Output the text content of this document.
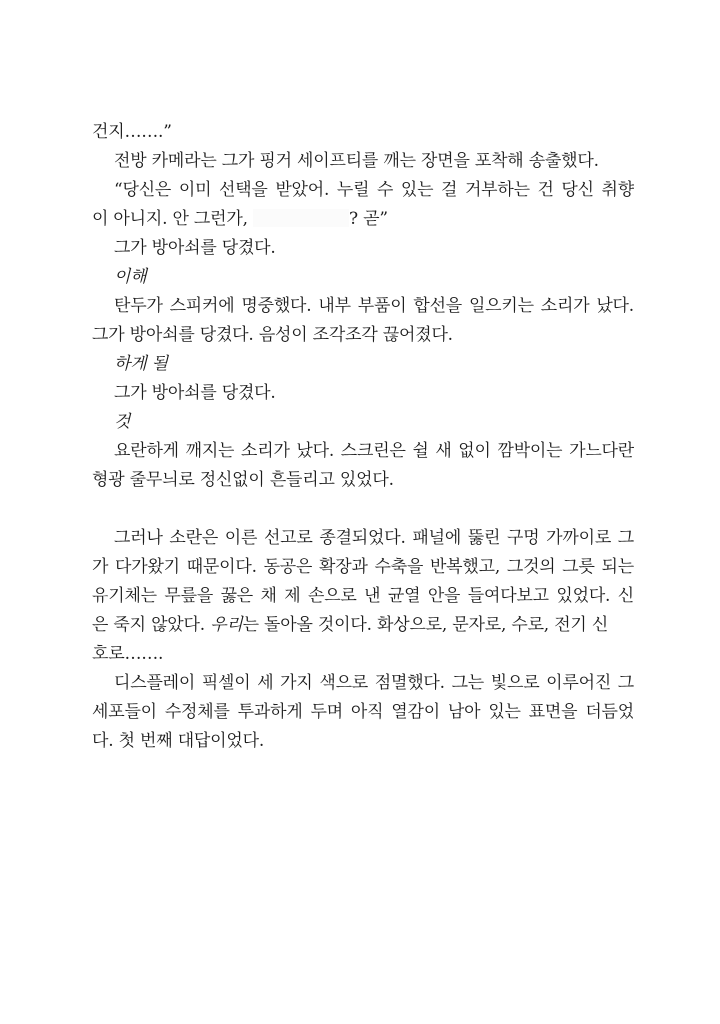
건지…….”
전방 카메라는 그가 핑거 세이프티를 깨는 장면을 포착해 송출했다.
“당신은 이미 선택을 받았어. 누릴 수 있는 걸 거부하는 건 당신 취향
이 아니지. 안 그런가,	? 곧”
그가 방아쇠를 당겼다.
이해
탄두가 스피커에 명중했다. 내부 부품이 합선을 일으키는 소리가 났다.
그가 방아쇠를 당겼다. 음성이 조각조각 끊어졌다.
하게 될
그가 방아쇠를 당겼다.
것
요란하게 깨지는 소리가 났다. 스크린은 쉴 새 없이 깜박이는 가느다란
형광 줄무늬로 정신없이 흔들리고 있었다.
그러나 소란은 이른 선고로 종결되었다. 패널에 뚫린 구멍 가까이로 그
가 다가왔기 때문이다. 동공은 확장과 수축을 반복했고, 그것의 그릇 되는
유기체는 무릎을 꿇은 채 제 손으로 낸 균열 안을 들여다보고 있었다. 신
은 죽지 않았다. 우리는 돌아올 것이다. 화상으로, 문자로, 수로, 전기 신
호로…….
디스플레이 픽셀이 세 가지 색으로 점멸했다. 그는 빛으로 이루어진 그
세포들이 수정체를 투과하게 두며 아직 열감이 남아 있는 표면을 더듬었
다. 첫 번째 대답이었다.
